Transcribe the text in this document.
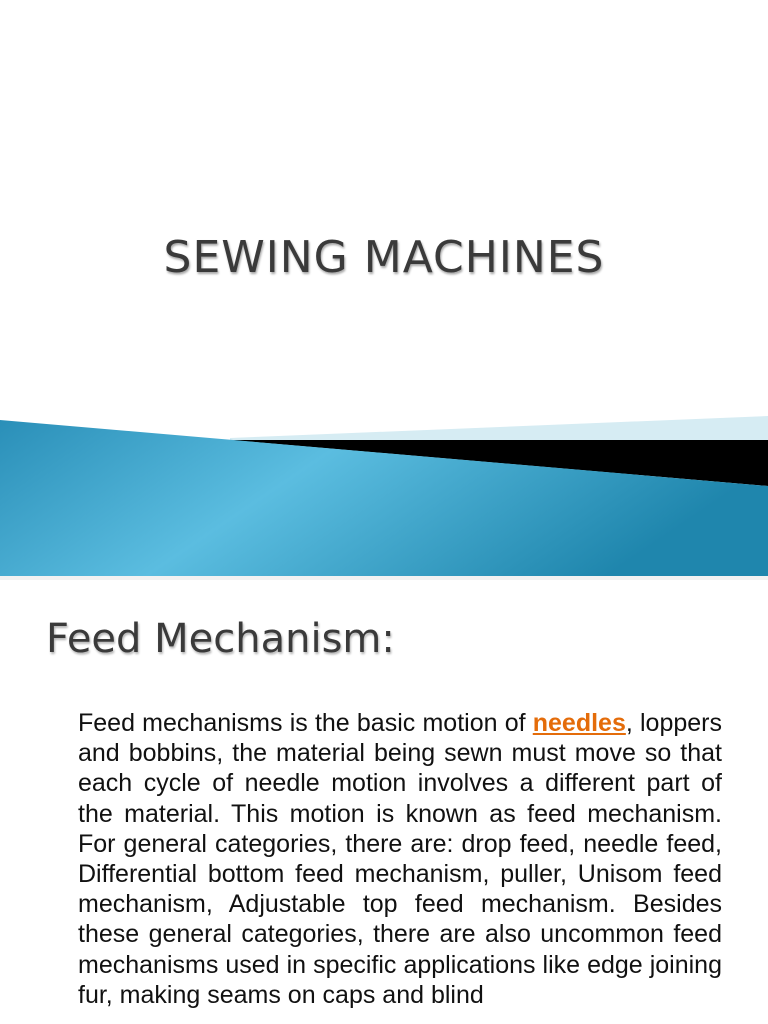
SEWING MACHINES
Feed Mechanism:
Feed mechanisms is the basic motion of needles, loppers and bobbins, the material being sewn must move so that each cycle of needle motion involves a different part of the material. This motion is known as feed mechanism. For general categories, there are: drop feed, needle feed, Differential bottom feed mechanism, puller, Unisom feed mechanism, Adjustable top feed mechanism. Besides these general categories, there are also uncommon feed mechanisms used in specific applications like edge joining fur, making seams on caps and blind
